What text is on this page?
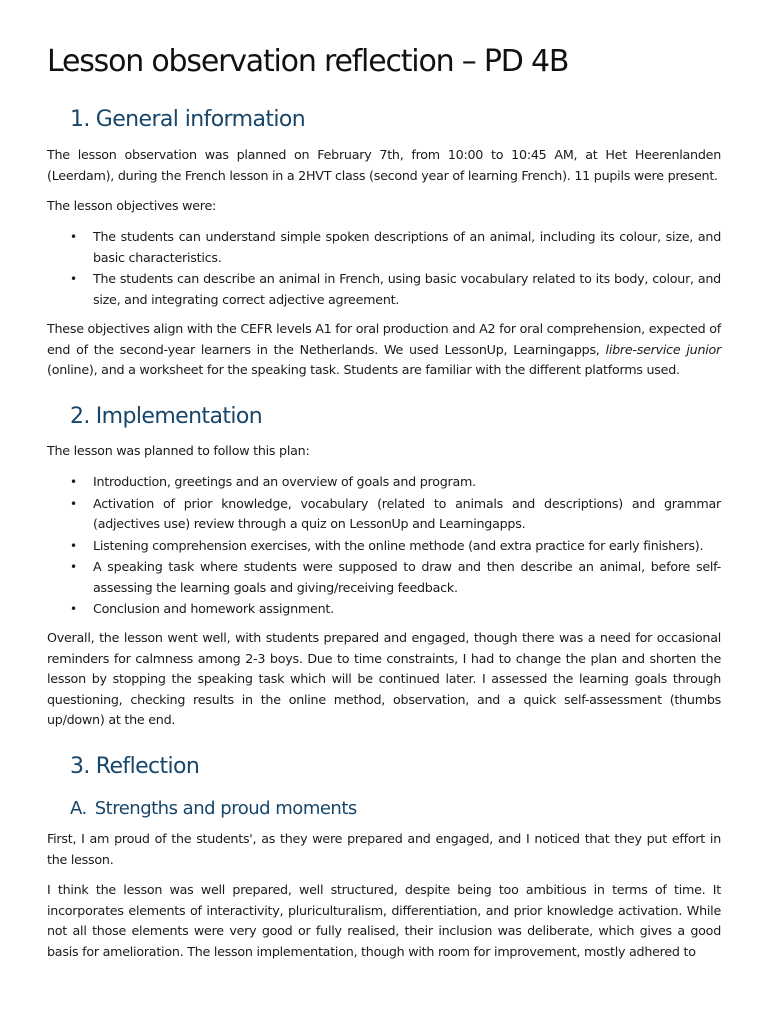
Lesson observation reflection – PD 4B
1. General information

The lesson observation was planned on February 7th, from 10:00 to 10:45 AM, at Het Heerenlanden (Leerdam), during the French lesson in a 2HVT class (second year of learning French). 11 pupils were present.

The lesson objectives were:

• The students can understand simple spoken descriptions of an animal, including its colour, size, and basic characteristics.
• The students can describe an animal in French, using basic vocabulary related to its body, colour, and size, and integrating correct adjective agreement.

These objectives align with the CEFR levels A1 for oral production and A2 for oral comprehension, expected of end of the second-year learners in the Netherlands. We used LessonUp, Learningapps, libre-service junior (online), and a worksheet for the speaking task. Students are familiar with the different platforms used.

2. Implementation

The lesson was planned to follow this plan:

• Introduction, greetings and an overview of goals and program.
• Activation of prior knowledge, vocabulary (related to animals and descriptions) and grammar (adjectives use) review through a quiz on LessonUp and Learningapps.
• Listening comprehension exercises, with the online methode (and extra practice for early finishers).
• A speaking task where students were supposed to draw and then describe an animal, before self-assessing the learning goals and giving/receiving feedback.
• Conclusion and homework assignment.

Overall, the lesson went well, with students prepared and engaged, though there was a need for occasional reminders for calmness among 2-3 boys. Due to time constraints, I had to change the plan and shorten the lesson by stopping the speaking task which will be continued later. I assessed the learning goals through questioning, checking results in the online method, observation, and a quick self-assessment (thumbs up/down) at the end.

3. Reflection
A. Strengths and proud moments

First, I am proud of the students', as they were prepared and engaged, and I noticed that they put effort in the lesson.

I think the lesson was well prepared, well structured, despite being too ambitious in terms of time. It incorporates elements of interactivity, pluriculturalism, differentiation, and prior knowledge activation. While not all those elements were very good or fully realised, their inclusion was deliberate, which gives a good basis for amelioration. The lesson implementation, though with room for improvement, mostly adhered to
